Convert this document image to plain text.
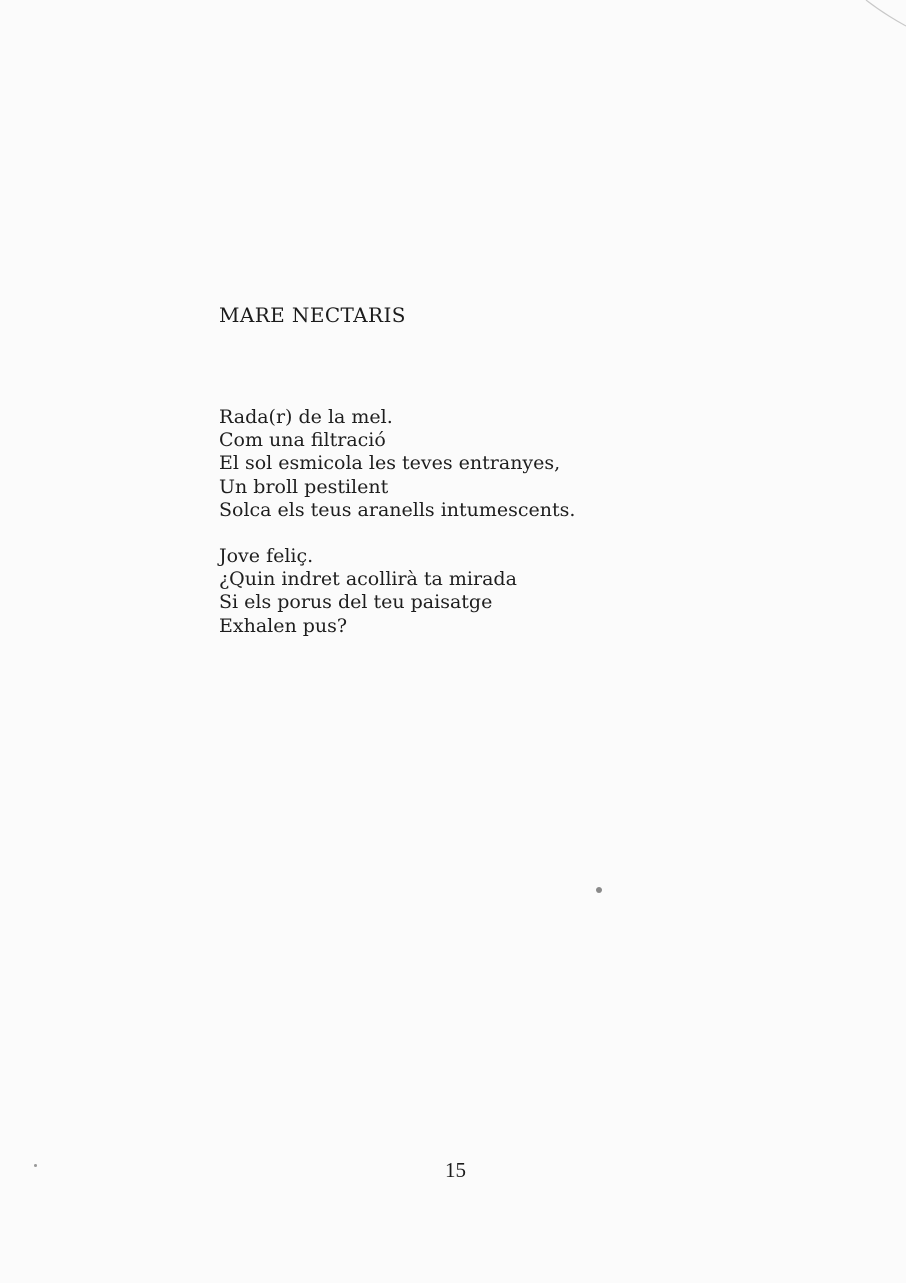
MARE NECTARIS
Rada(r) de la mel.
Com una filtració
El sol esmicola les teves entranyes,
Un broll pestilent
Solca els teus aranells intumescents.
Jove feliç.
¿Quin indret acollirà ta mirada
Si els porus del teu paisatge
Exhalen pus?
15
